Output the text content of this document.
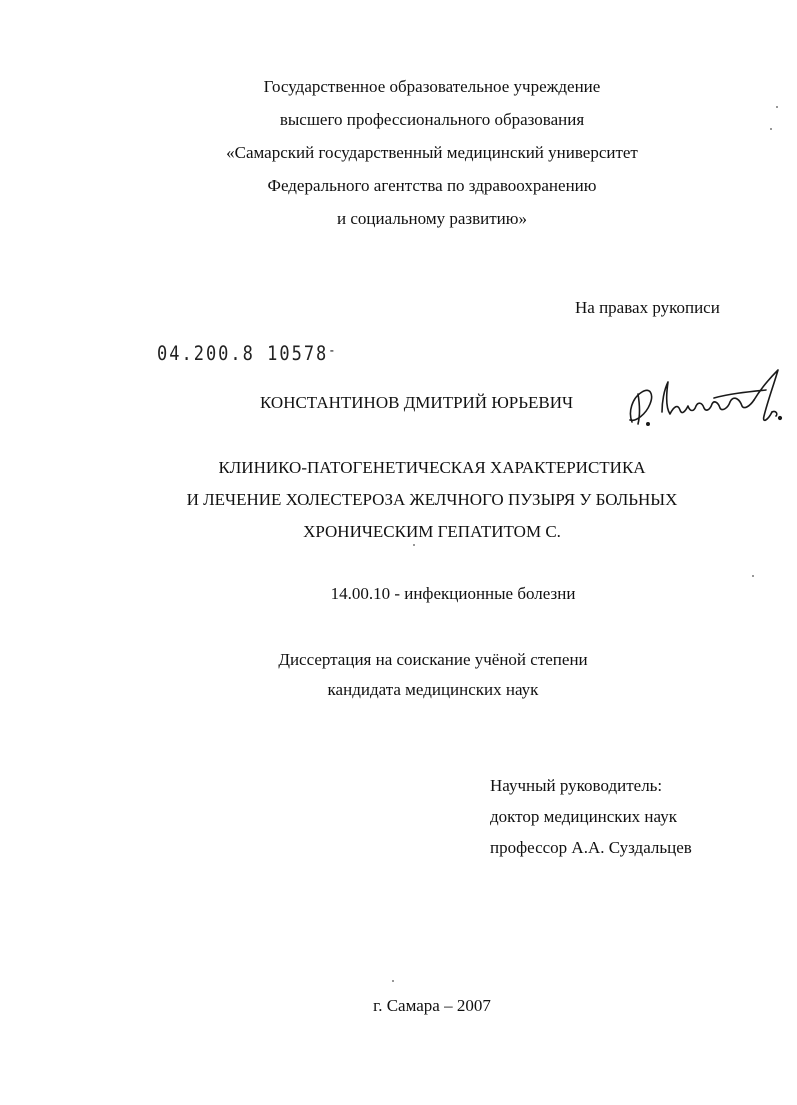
Государственное образовательное учреждение
высшего профессионального образования
«Самарский государственный медицинский университет
Федерального агентства по здравоохранению
и социальному развитию»
На правах рукописи
04.200.8 10578-
КОНСТАНТИНОВ ДМИТРИЙ ЮРЬЕВИЧ
КЛИНИКО-ПАТОГЕНЕТИЧЕСКАЯ ХАРАКТЕРИСТИКА
И ЛЕЧЕНИЕ ХОЛЕСТЕРОЗА ЖЕЛЧНОГО ПУЗЫРЯ У БОЛЬНЫХ
ХРОНИЧЕСКИМ ГЕПАТИТОМ С.
14.00.10 - инфекционные болезни
Диссертация на соискание учёной степени
кандидата медицинских наук
Научный руководитель:
доктор медицинских наук
профессор А.А. Суздальцев
г. Самара – 2007
